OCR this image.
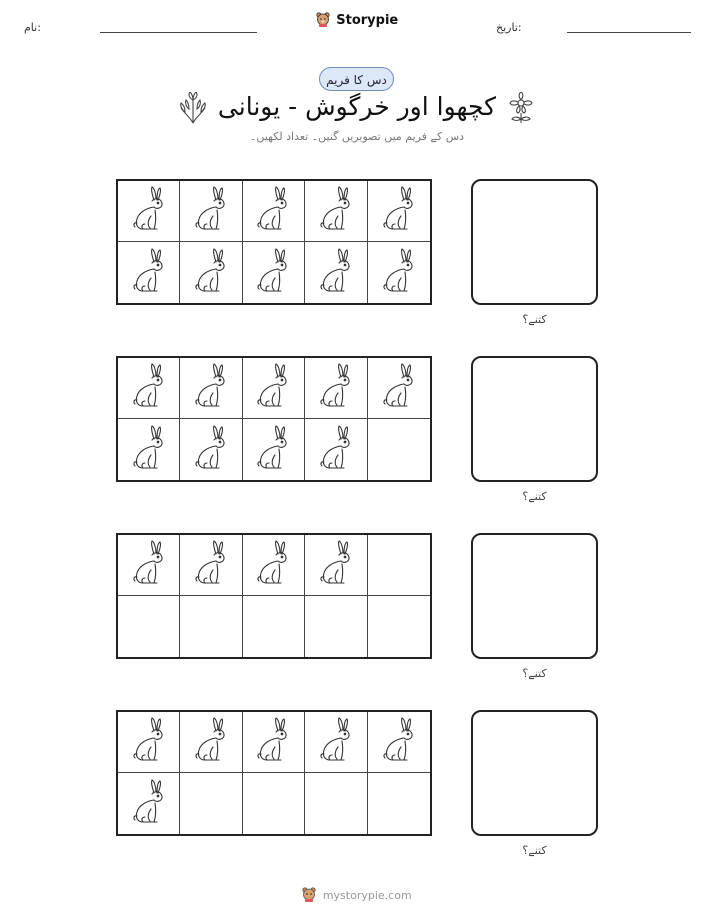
نام:	Storypie	تاریخ:
دس کا فریم
کچھوا اور خرگوش - یونانی
دس کے فریم میں تصویریں گنیں۔ تعداد لکھیں۔
کتنے؟
کتنے؟
کتنے؟
کتنے؟
mystorypie.com
